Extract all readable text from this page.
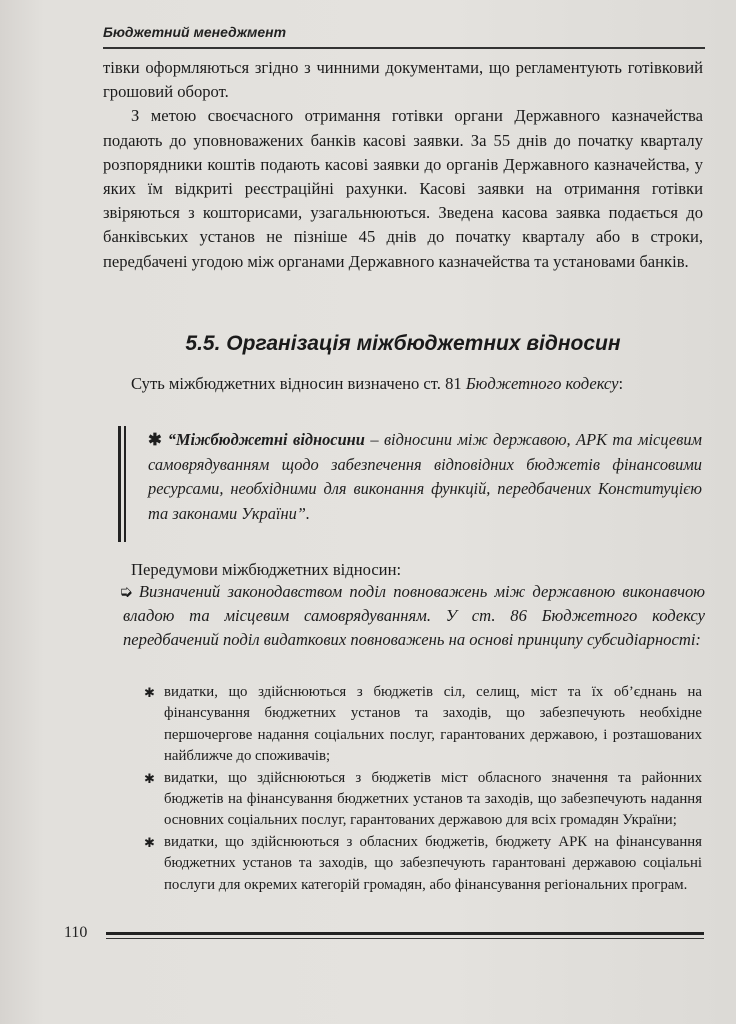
Бюджетний менеджмент

тівки оформляються згідно з чинними документами, що регламентують готівковий грошовий оборот.

З метою своєчасного отримання готівки органи Державного казначейства подають до уповноважених банків касові заявки. За 55 днів до початку кварталу розпорядники коштів подають касові заявки до органів Державного казначейства, у яких їм відкриті реєстраційні рахунки. Касові заявки на отримання готівки звіряються з кошторисами, узагальнюються. Зведена касова заявка подається до банківських установ не пізніше 45 днів до початку кварталу або в строки, передбачені угодою між органами Державного казначейства та установами банків.

5.5. Організація міжбюджетних відносин

Суть міжбюджетних відносин визначено ст. 81 Бюджетного кодексу:

✱ “Міжбюджетні відносини – відносини між державою, АРК та місцевим самоврядуванням щодо забезпечення відповідних бюджетів фінансовими ресурсами, необхідними для виконання функцій, передбачених Конституцією та законами України”.

Передумови міжбюджетних відносин:

➭ Визначений законодавством поділ повноважень між державною виконавчою владою та місцевим самоврядуванням. У ст. 86 Бюджетного кодексу передбачений поділ видаткових повноважень на основі принципу субсидіарності:

✱ видатки, що здійснюються з бюджетів сіл, селищ, міст та їх об’єднань на фінансування бюджетних установ та заходів, що забезпечують необхідне першочергове надання соціальних послуг, гарантованих державою, і розташованих найближче до споживачів;

✱ видатки, що здійснюються з бюджетів міст обласного значення та районних бюджетів на фінансування бюджетних установ та заходів, що забезпечують надання основних соціальних послуг, гарантованих державою для всіх громадян України;

✱ видатки, що здійснюються з обласних бюджетів, бюджету АРК на фінансування бюджетних установ та заходів, що забезпечують гарантовані державою соціальні послуги для окремих категорій громадян, або фінансування регіональних програм.

110
